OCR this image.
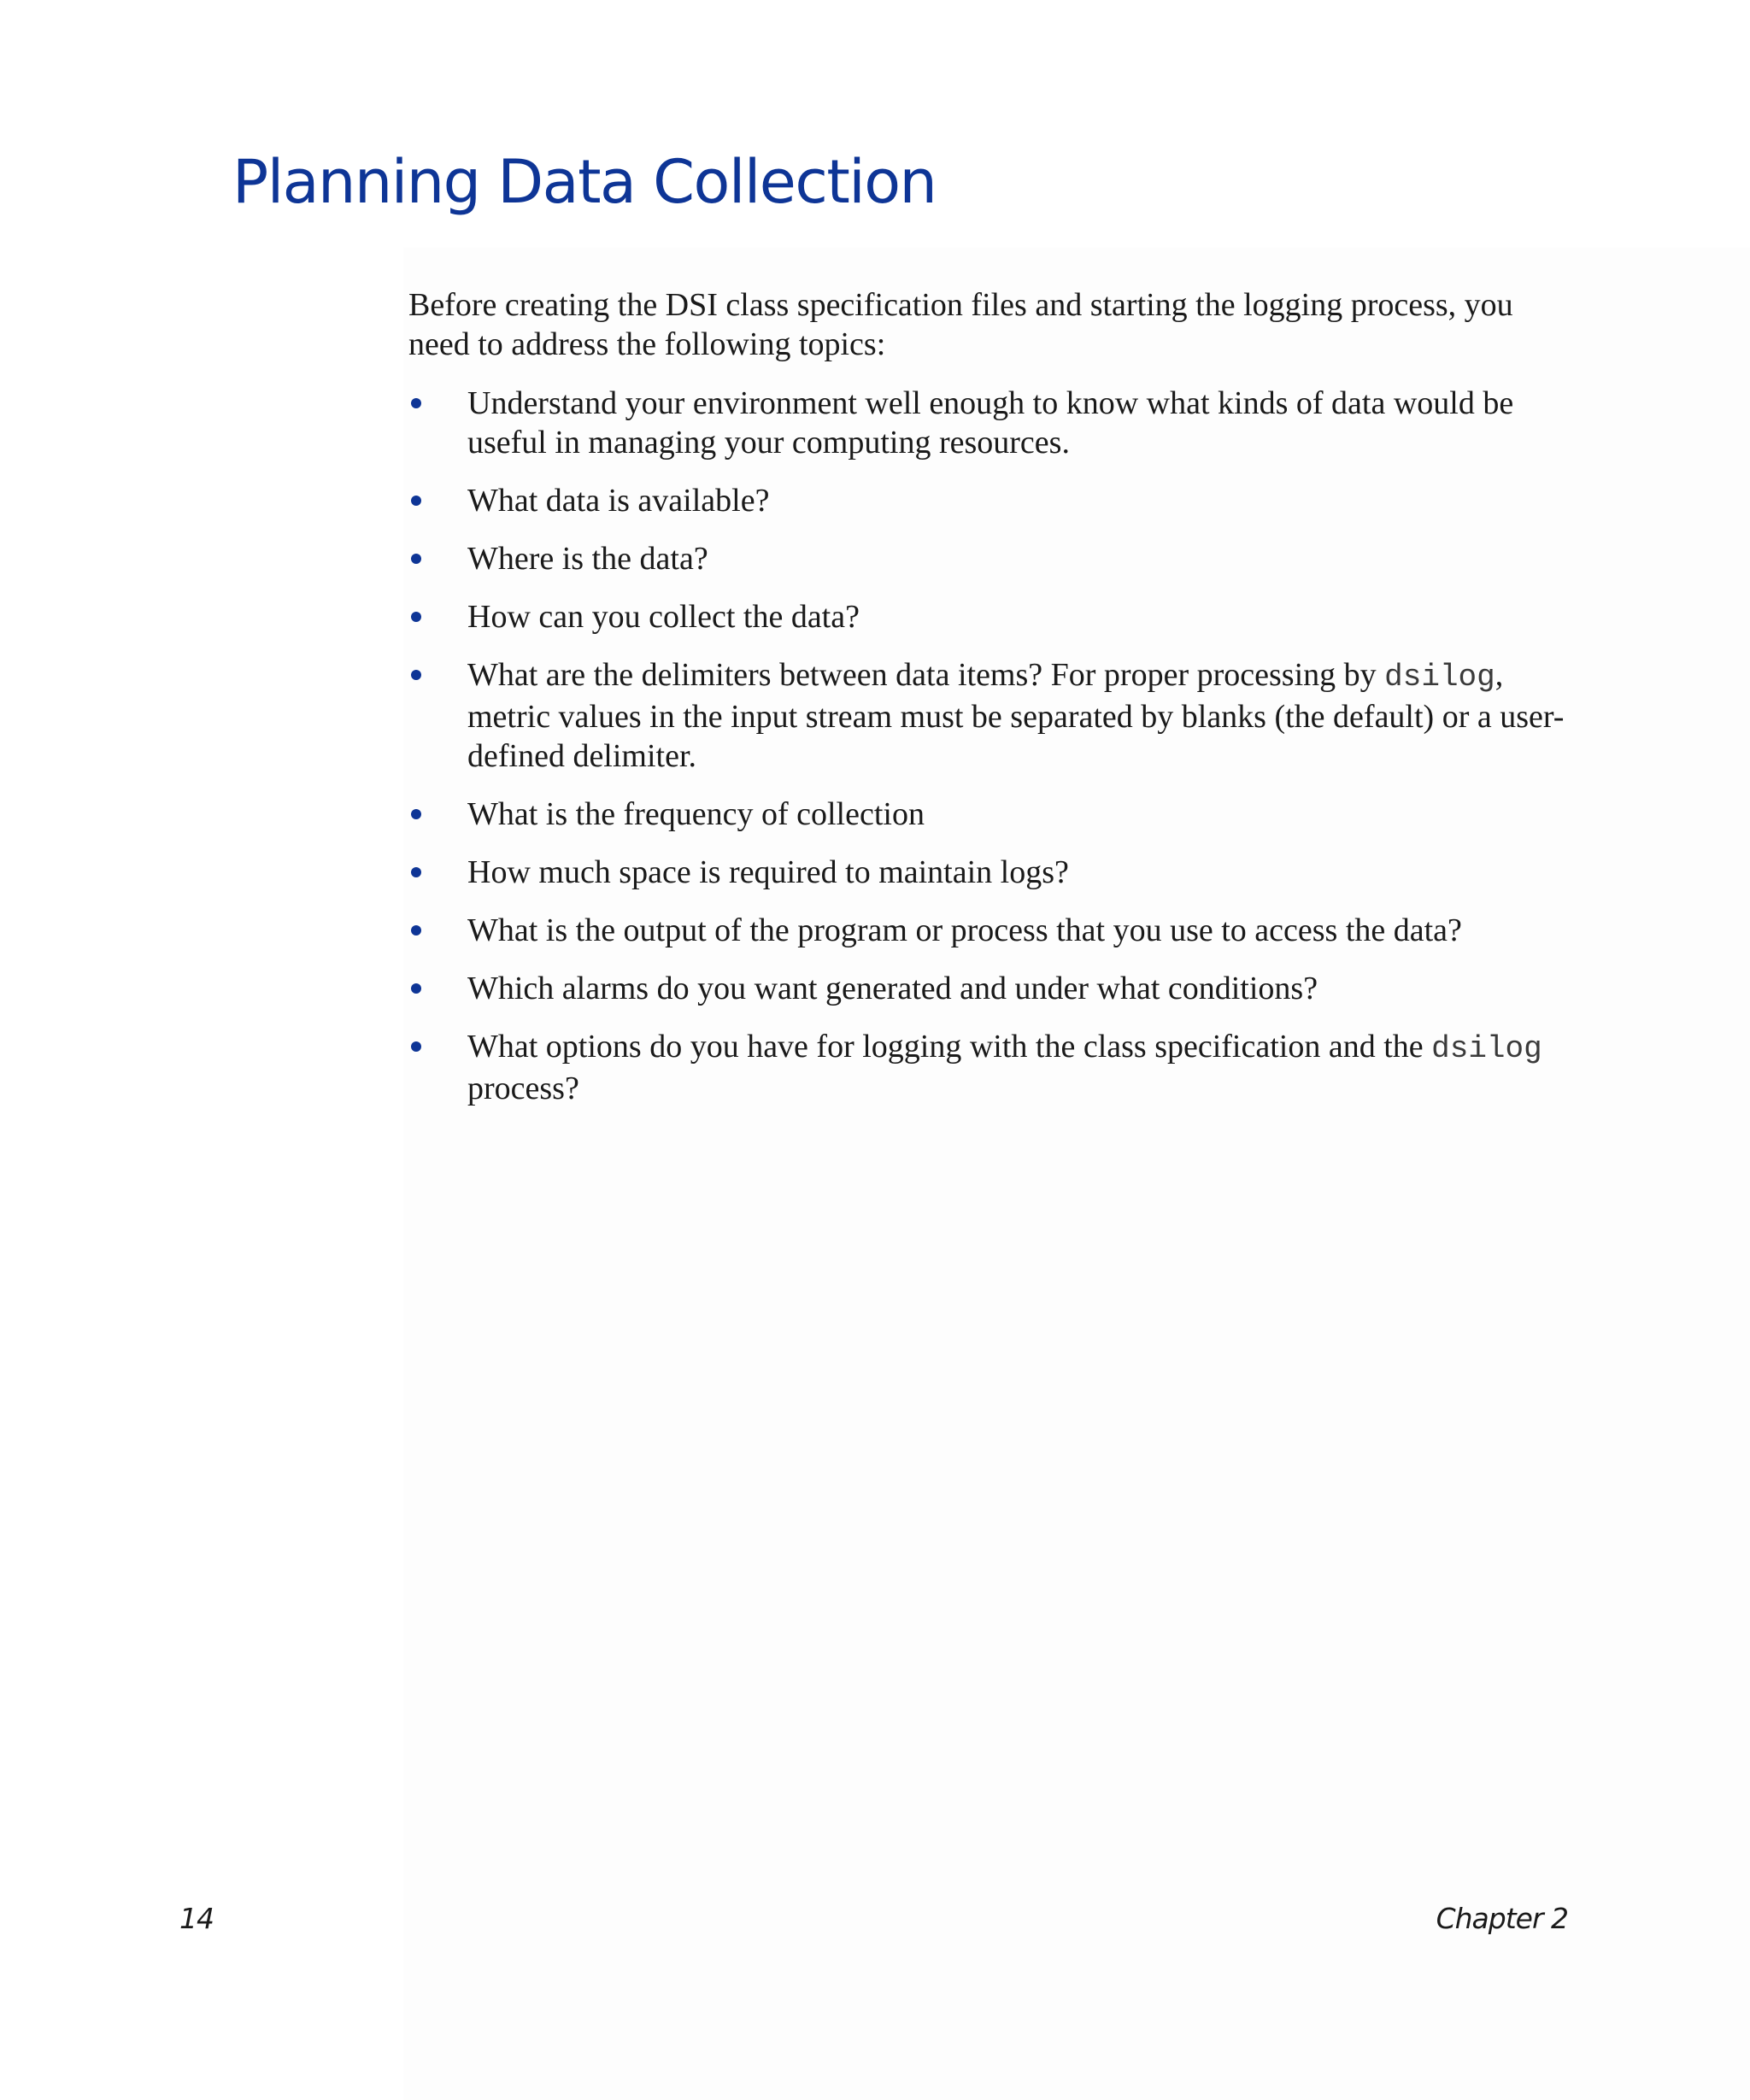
Planning Data Collection

Before creating the DSI class specification files and starting the logging process, you need to address the following topics:

Understand your environment well enough to know what kinds of data would be useful in managing your computing resources.
What data is available?
Where is the data?
How can you collect the data?
What are the delimiters between data items? For proper processing by dsilog, metric values in the input stream must be separated by blanks (the default) or a user-defined delimiter.
What is the frequency of collection
How much space is required to maintain logs?
What is the output of the program or process that you use to access the data?
Which alarms do you want generated and under what conditions?
What options do you have for logging with the class specification and the dsilog process?
14	Chapter 2
